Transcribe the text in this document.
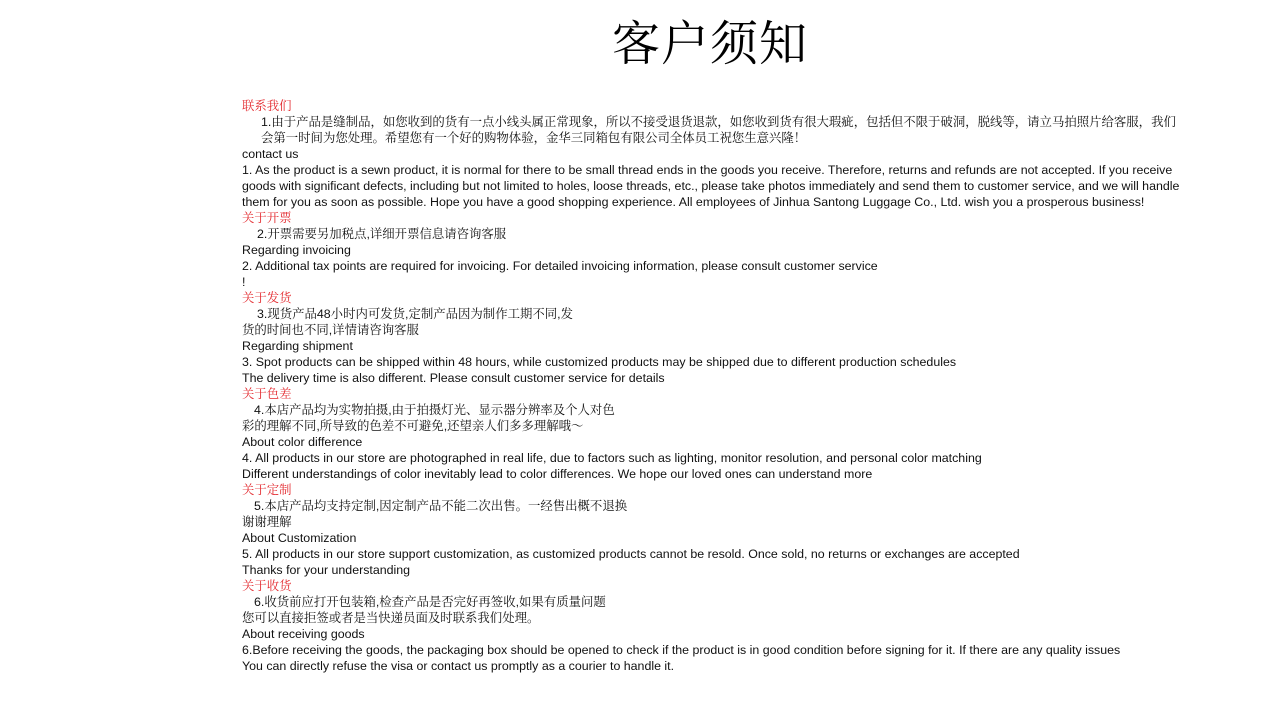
客户须知
联系我们
1.由于产品是缝制品，如您收到的货有一点小线头属正常现象，所以不接受退货退款，如您收到货有很大瑕疵，包括但不限于破洞，脱线等，请立马拍照片给客服，我们会第一时间为您处理。希望您有一个好的购物体验，金华三同箱包有限公司全体员工祝您生意兴隆！
contact us
1. As the product is a sewn product, it is normal for there to be small thread ends in the goods you receive. Therefore, returns and refunds are not accepted. If you receive goods with significant defects, including but not limited to holes, loose threads, etc., please take photos immediately and send them to customer service, and we will handle them for you as soon as possible. Hope you have a good shopping experience. All employees of Jinhua Santong Luggage Co., Ltd. wish you a prosperous business!
关于开票
2.开票需要另加税点,详细开票信息请咨询客服
Regarding invoicing
2. Additional tax points are required for invoicing. For detailed invoicing information, please consult customer service
!
关于发货
3.现货产品48小时内可发货,定制产品因为制作工期不同,发
货的时间也不同,详情请咨询客服
Regarding shipment
3. Spot products can be shipped within 48 hours, while customized products may be shipped due to different production schedules
The delivery time is also different. Please consult customer service for details
关于色差
4.本店产品均为实物拍摄,由于拍摄灯光、显示器分辨率及个人对色
彩的理解不同,所导致的色差不可避免,还望亲人们多多理解哦～
About color difference
4. All products in our store are photographed in real life, due to factors such as lighting, monitor resolution, and personal color matching
Different understandings of color inevitably lead to color differences. We hope our loved ones can understand more
关于定制
5.本店产品均支持定制,因定制产品不能二次出售。一经售出概不退换
谢谢理解
About Customization
5. All products in our store support customization, as customized products cannot be resold. Once sold, no returns or exchanges are accepted
Thanks for your understanding
关于收货
6.收货前应打开包装箱,检查产品是否完好再签收,如果有质量问题
您可以直接拒签或者是当快递员面及时联系我们处理。
About receiving goods
6.Before receiving the goods, the packaging box should be opened to check if the product is in good condition before signing for it. If there are any quality issues
You can directly refuse the visa or contact us promptly as a courier to handle it.
